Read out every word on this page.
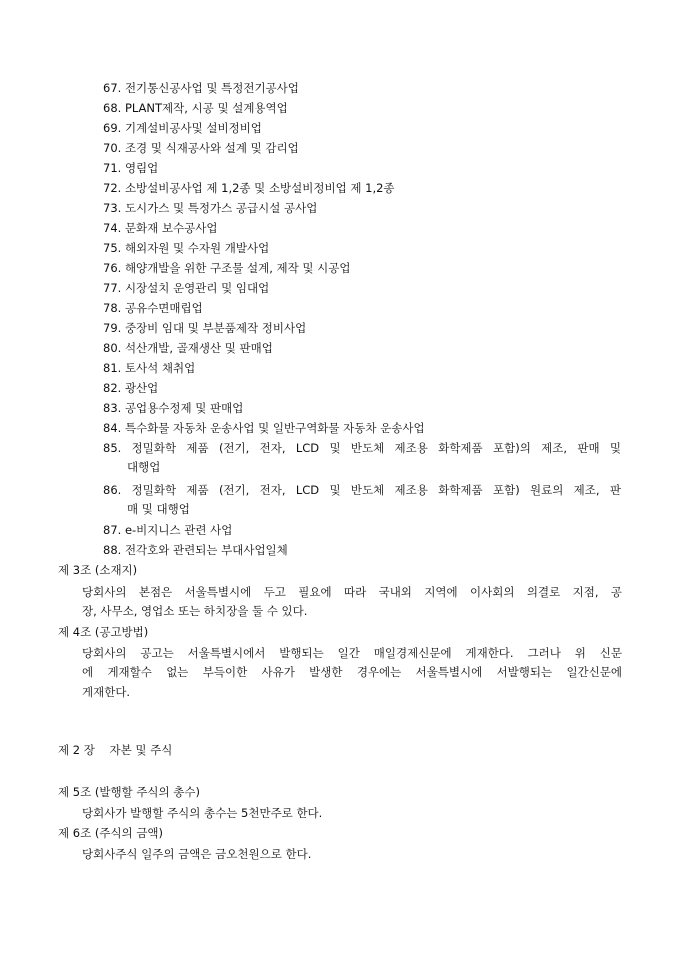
67. 전기통신공사업 및 특정전기공사업
68. PLANT제작, 시공 및 설계용역업
69. 기계설비공사및 설비정비업
70. 조경 및 식재공사와 설계 및 감리업
71. 영림업
72. 소방설비공사업 제 1,2종 및 소방설비정비업 제 1,2종
73. 도시가스 및 특정가스 공급시설 공사업
74. 문화재 보수공사업
75. 해외자원 및 수자원 개발사업
76. 해양개발을 위한 구조물 설계, 제작 및 시공업
77. 시장설치 운영관리 및 임대업
78. 공유수면매립업
79. 중장비 임대 및 부분품제작 정비사업
80. 석산개발, 골재생산 및 판매업
81. 토사석 채취업
82. 광산업
83. 공업용수정제 및 판매업
84. 특수화물 자동차 운송사업 및 일반구역화물 자동차 운송사업
85. 정밀화학 제품 (전기, 전자, LCD 및 반도체 제조용 화학제품 포함)의 제조, 판매 및
대행업
86. 정밀화학 제품 (전기, 전자, LCD 및 반도체 제조용 화학제품 포함) 원료의 제조, 판
매 및 대행업
87. e-비지니스 관련 사업
88. 전각호와 관련되는 부대사업일체
제 3조 (소재지)
당회사의 본점은 서울특별시에 두고 필요에 따라 국내외 지역에 이사회의 의결로 지점, 공
장, 사무소, 영업소 또는 하치장을 둘 수 있다.
제 4조 (공고방법)
당회사의 공고는 서울특별시에서 발행되는 일간 매일경제신문에 게재한다. 그러나 위 신문
에 게재할수 없는 부득이한 사유가 발생한 경우에는 서울특별시에 서발행되는 일간신문에
게재한다.
제 2 장    자본 및 주식
제 5조 (발행할 주식의 총수)
당회사가 발행할 주식의 총수는 5천만주로 한다.
제 6조 (주식의 금액)
당회사주식 일주의 금액은 금오천원으로 한다.
